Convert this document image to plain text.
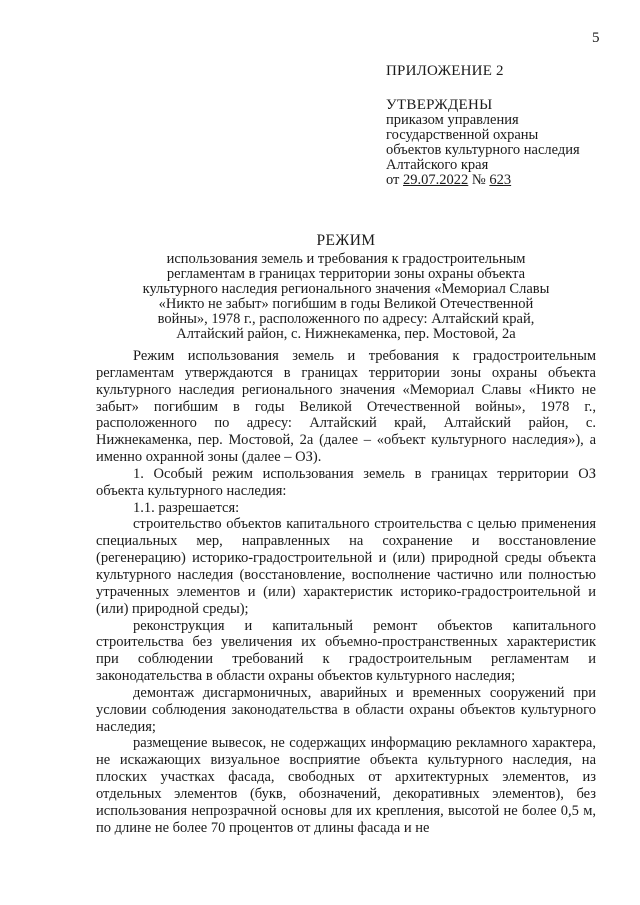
5
ПРИЛОЖЕНИЕ 2
УТВЕРЖДЕНЫ
приказом управления
государственной охраны
объектов культурного наследия
Алтайского края
от 29.07.2022 № 623
РЕЖИМ
использования земель и требования к градостроительным
регламентам в границах территории зоны охраны объекта
культурного наследия регионального значения «Мемориал Славы
«Никто не забыт» погибшим в годы Великой Отечественной
войны», 1978 г., расположенного по адресу: Алтайский край,
Алтайский район, с. Нижнекаменка, пер. Мостовой, 2а

Режим использования земель и требования к градостроительным регламентам утверждаются в границах территории зоны охраны объекта культурного наследия регионального значения «Мемориал Славы «Никто не забыт» погибшим в годы Великой Отечественной войны», 1978 г., расположенного по адресу: Алтайский край, Алтайский район, с. Нижнекаменка, пер. Мостовой, 2а (далее – «объект культурного наследия»), а именно охранной зоны (далее – ОЗ).

1. Особый режим использования земель в границах территории ОЗ объекта культурного наследия:

1.1. разрешается:

строительство объектов капитального строительства с целью применения специальных мер, направленных на сохранение и восстановление (регенерацию) историко-градостроительной и (или) природной среды объекта культурного наследия (восстановление, восполнение частично или полностью утраченных элементов и (или) характеристик историко-градостроительной и (или) природной среды);

реконструкция и капитальный ремонт объектов капитального строительства без увеличения их объемно-пространственных характеристик при соблюдении требований к градостроительным регламентам и законодательства в области охраны объектов культурного наследия;

демонтаж дисгармоничных, аварийных и временных сооружений при условии соблюдения законодательства в области охраны объектов культурного наследия;

размещение вывесок, не содержащих информацию рекламного характера, не искажающих визуальное восприятие объекта культурного наследия, на плоских участках фасада, свободных от архитектурных элементов, из отдельных элементов (букв, обозначений, декоративных элементов), без использования непрозрачной основы для их крепления, высотой не более 0,5 м, по длине не более 70 процентов от длины фасада и не
